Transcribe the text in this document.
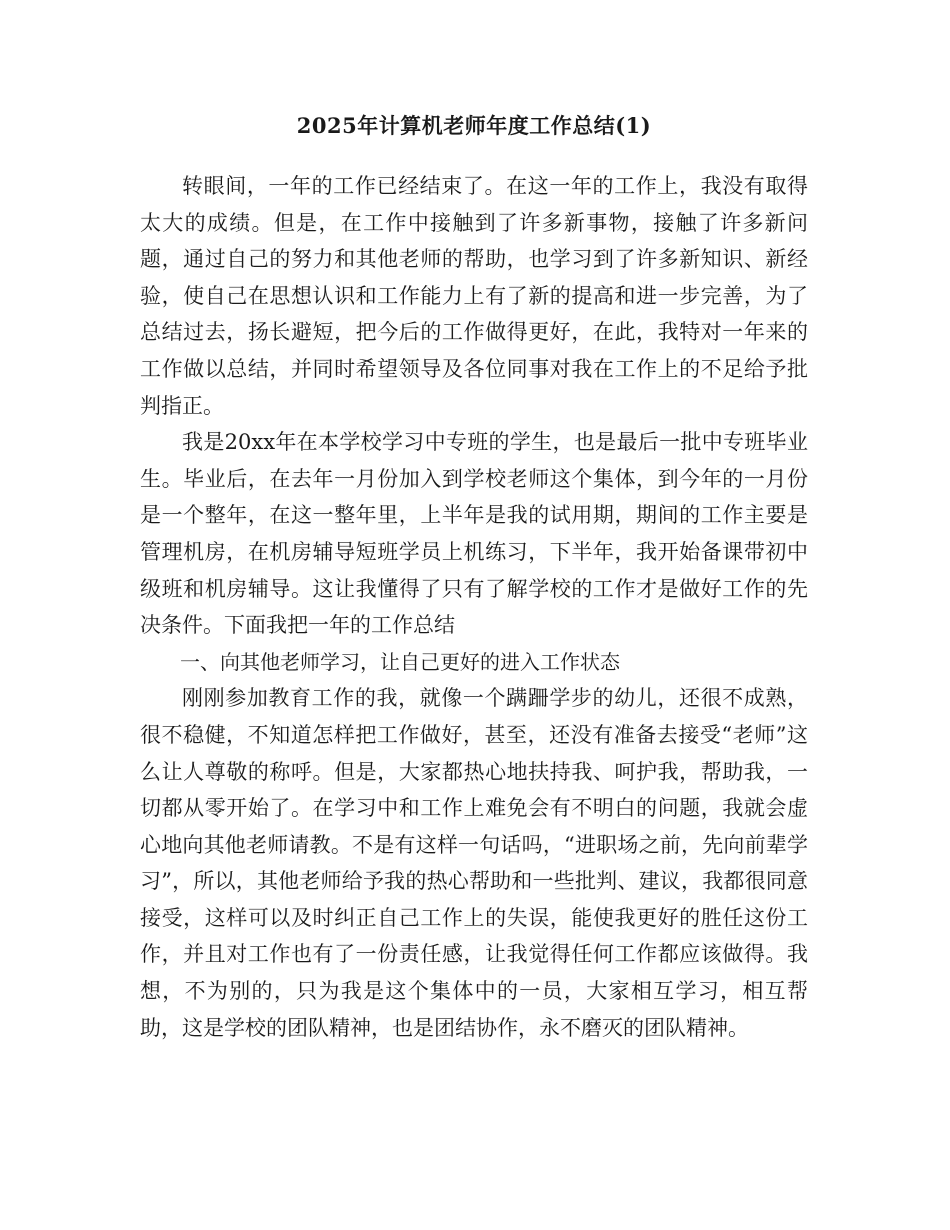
2025年计算机老师年度工作总结(1)

转眼间，一年的工作已经结束了。在这一年的工作上，我没有取得太大的成绩。但是，在工作中接触到了许多新事物，接触了许多新问题，通过自己的努力和其他老师的帮助，也学习到了许多新知识、新经验，使自己在思想认识和工作能力上有了新的提高和进一步完善，为了总结过去，扬长避短，把今后的工作做得更好，在此，我特对一年来的工作做以总结，并同时希望领导及各位同事对我在工作上的不足给予批判指正。

我是20xx年在本学校学习中专班的学生，也是最后一批中专班毕业生。毕业后，在去年一月份加入到学校老师这个集体，到今年的一月份是一个整年，在这一整年里，上半年是我的试用期，期间的工作主要是管理机房，在机房辅导短班学员上机练习，下半年，我开始备课带初中级班和机房辅导。这让我懂得了只有了解学校的工作才是做好工作的先决条件。下面我把一年的工作总结

一、向其他老师学习，让自己更好的进入工作状态

刚刚参加教育工作的我，就像一个蹒跚学步的幼儿，还很不成熟，很不稳健，不知道怎样把工作做好，甚至，还没有准备去接受“老师”这么让人尊敬的称呼。但是，大家都热心地扶持我、呵护我，帮助我，一切都从零开始了。在学习中和工作上难免会有不明白的问题，我就会虚心地向其他老师请教。不是有这样一句话吗，“进职场之前，先向前辈学习”，所以，其他老师给予我的热心帮助和一些批判、建议，我都很同意接受，这样可以及时纠正自己工作上的失误，能使我更好的胜任这份工作，并且对工作也有了一份责任感，让我觉得任何工作都应该做得。我想，不为别的，只为我是这个集体中的一员，大家相互学习，相互帮助，这是学校的团队精神，也是团结协作，永不磨灭的团队精神。
